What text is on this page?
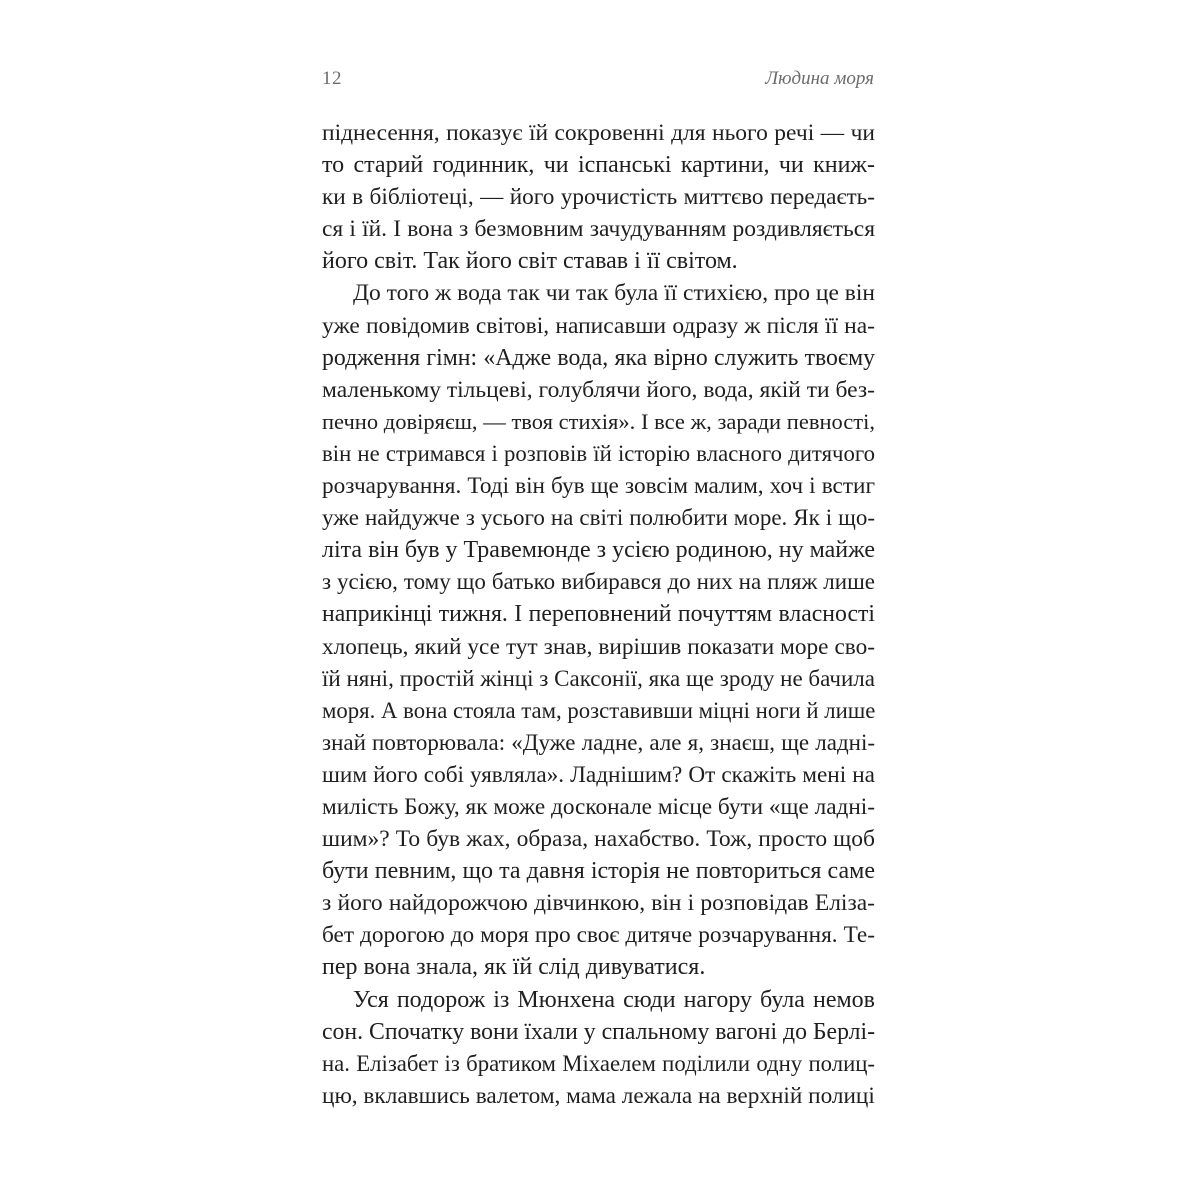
12	Людина моря
піднесення, показує їй сокровенні для нього речі — чи
то старий годинник, чи іспанські картини, чи книж-
ки в бібліотеці, — його урочистість миттєво передаєть-
ся і їй. І вона з безмовним зачудуванням роздивляється
його світ. Так його світ ставав і її світом.
До того ж вода так чи так була її стихією, про це він
уже повідомив світові, написавши одразу ж після її на-
родження гімн: «Адже вода, яка вірно служить твоєму
маленькому тільцеві, голублячи його, вода, якій ти без-
печно довіряєш, — твоя стихія». І все ж, заради певності,
він не стримався і розповів їй історію власного дитячого
розчарування. Тоді він був ще зовсім малим, хоч і встиг
уже найдужче з усього на світі полюбити море. Як і що-
літа він був у Травемюнде з усією родиною, ну майже
з усією, тому що батько вибирався до них на пляж лише
наприкінці тижня. І переповнений почуттям власності
хлопець, який усе тут знав, вирішив показати море сво-
їй няні, простій жінці з Саксонії, яка ще зроду не бачила
моря. А вона стояла там, розставивши міцні ноги й лише
знай повторювала: «Дуже ладне, але я, знаєш, ще ладні-
шим його собі уявляла». Ладнішим? От скажіть мені на
милість Божу, як може досконале місце бути «ще ладні-
шим»? То був жах, образа, нахабство. Тож, просто щоб
бути певним, що та давня історія не повториться саме
з його найдорожчою дівчинкою, він і розповідав Елізa-
бет дорогою до моря про своє дитяче розчарування. Те-
пер вона знала, як їй слід дивуватися.
Уся подорож із Мюнхена сюди нагору була немов
сон. Спочатку вони їхали у спальному вагоні до Берлі-
на. Елізабет із братиком Міхаелем поділили одну полиц-
цю, вклавшись валетом, мама лежала на верхній полиці
